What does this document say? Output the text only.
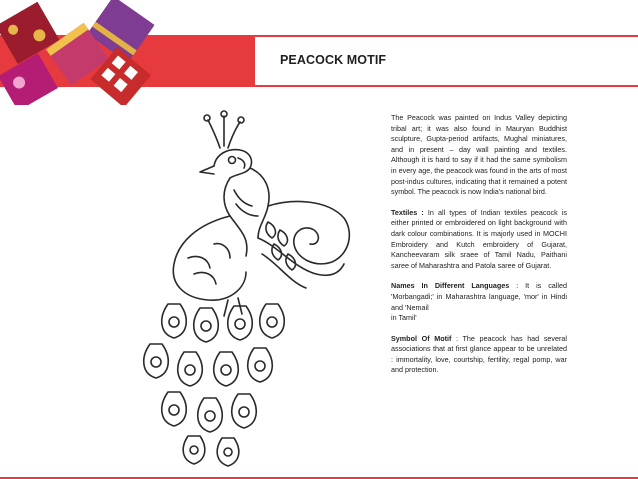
PEACOCK MOTIF

The Peacock was painted on Indus Valley depicting tribal art; it was also found in Mauryan Buddhist sculpture, Gupta-period artifacts, Mughal miniatures, and in present – day wall painting and textiles. Although it is hard to say if it had the same symbolism in every age, the peacock was found in the arts of most post-indus cultures, indicating that it remained a potent symbol. The peacock is now India's national bird.

Textiles : In all types of Indian textiles peacock is either printed or embroidered on light background with dark colour combinations. It is majorly used in MOCHI Embroidery and Kutch embroidery of Gujarat, Kancheevaram silk sraee of Tamil Nadu, Paithani saree of Maharashtra and Patola saree of Gujarat.

Names In Different Languages : It is called 'Morbangadi;' in Maharashtra language, 'mor' in Hindi and 'Nemail
in Tamil'

Symbol Of Motif : The peacock has had several associations that at first glance appear to be unrelated : immortality, love, courtship, fertility, regal pomp, war and protection.
